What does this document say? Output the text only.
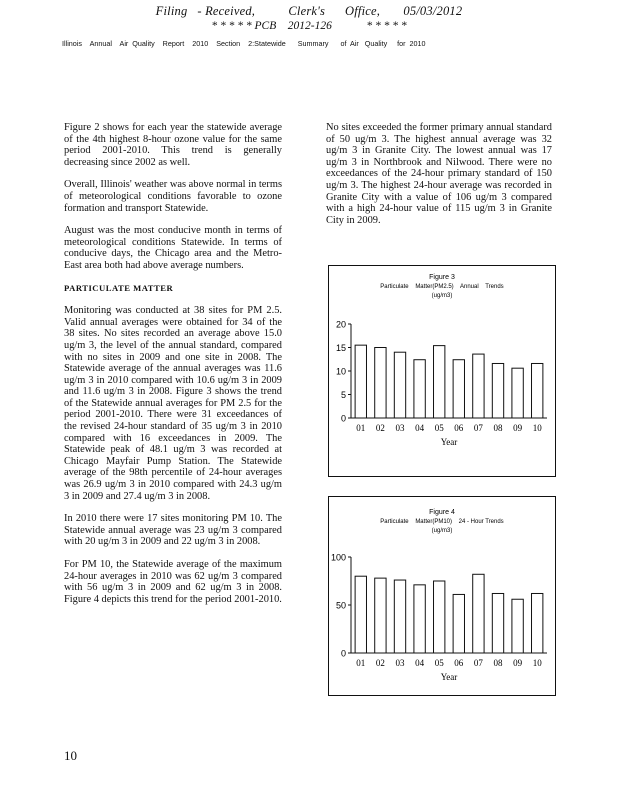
Filing   - Received,          Clerk's      Office,       05/03/2012
* * * * * PCB    2012-126            * * * * *
Illinois    Annual    Air  Quality    Report    2010    Section    2:Statewide      Summary      of  Air   Quality     for  2010

Figure 2 shows for each year the statewide average of the 4th highest 8-hour ozone value for the same period 2001-2010. This trend is generally decreasing since 2002 as well.

Overall, Illinois' weather was above normal in terms of meteorological conditions favorable to ozone formation and transport Statewide.

August was the most conducive month in terms of meteorological conditions Statewide. In terms of conducive days, the Chicago area and the Metro-East area both had above average numbers.

PARTICULATE MATTER

Monitoring was conducted at 38 sites for PM 2.5. Valid annual averages were obtained for 34 of the 38 sites. No sites recorded an average above 15.0 ug/m 3, the level of the annual standard, compared with no sites in 2009 and one site in 2008. The Statewide average of the annual averages was 11.6 ug/m 3 in 2010 compared with 10.6 ug/m 3 in 2009 and 11.6 ug/m 3 in 2008. Figure 3 shows the trend of the Statewide annual averages for PM 2.5 for the period 2001-2010. There were 31 exceedances of the revised 24-hour standard of 35 ug/m 3 in 2010 compared with 16 exceedances in 2009. The Statewide peak of 48.1 ug/m 3 was recorded at Chicago Mayfair Pump Station. The Statewide average of the 98th percentile of 24-hour averages was 26.9 ug/m 3 in 2010 compared with 24.3 ug/m 3 in 2009 and 27.4 ug/m 3 in 2008.

In 2010 there were 17 sites monitoring PM 10. The Statewide annual average was 23 ug/m 3 compared with 20 ug/m 3 in 2009 and 22 ug/m 3 in 2008.

For PM 10, the Statewide average of the maximum 24-hour averages in 2010 was 62 ug/m 3 compared with 56 ug/m 3 in 2009 and 62 ug/m 3 in 2008. Figure 4 depicts this trend for the period 2001-2010.

No sites exceeded the former primary annual standard of 50 ug/m 3. The highest annual average was 32 ug/m 3 in Granite City. The lowest annual was 17 ug/m 3 in Northbrook and Nilwood. There were no exceedances of the 24-hour primary standard of 150 ug/m 3. The highest 24-hour average was recorded in Granite City with a value of 106 ug/m 3 compared with a high 24-hour value of 115 ug/m 3 in Granite City in 2009.

Figure 3
Particulate    Matter(PM2.5)    Annual    Trends
(ug/m3)
0
5
10
15
20
01 02 03 04 05 06 07 08 09 10
Year
Figure 4
Particulate    Matter(PM10)    24 - Hour Trends
(ug/m3)
0
50
100
01 02 03 04 05 06 07 08 09 10
Year
10
